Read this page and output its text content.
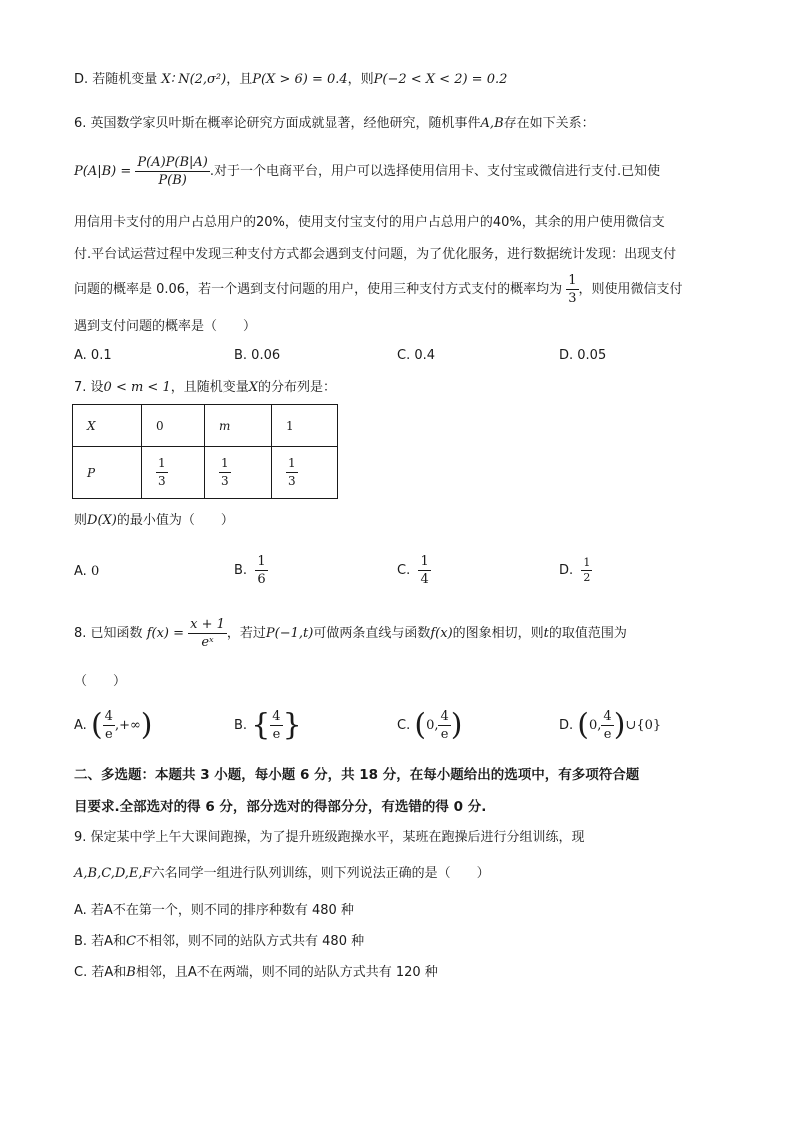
D. 若随机变量 X∶ N(2,σ²)，且P(X > 6) = 0.4，则P(−2 < X < 2) = 0.2
6. 英国数学家贝叶斯在概率论研究方面成就显著，经他研究，随机事件A,B存在如下关系：
$P(A|B) = \frac{P(A)P(B|A)}{P(B)}$ .对于一个电商平台，用户可以选择使用信用卡、支付宝或微信进行支付.已知使
用信用卡支付的用户占总用户的20%，使用支付宝支付的用户占总用户的40%，其余的用户使用微信支
付.平台试运营过程中发现三种支付方式都会遇到支付问题，为了优化服务，进行数据统计发现：出现支付
问题的概率是 0.06，若一个遇到支付问题的用户，使用三种支付方式支付的概率均为 $\frac{1}{3}$ ，则使用微信支付
遇到支付问题的概率是（　　）
A. 0.1	B. 0.06	C. 0.4	D. 0.05
7. 设0 < m < 1，且随机变量X的分布列是：
X	0	m	1
P	$\frac{1}{3}$	$\frac{1}{3}$	$\frac{1}{3}$
则D(X)的最小值为（　　）
A. 0	B. $\frac{1}{6}$	C. $\frac{1}{4}$	D. $\frac{1}{2}$
8. 已知函数 $f(x) = \frac{x + 1}{\text{eˣ}}$ ，若过P(−1,t)可做两条直线与函数f(x)的图象相切，则t的取值范围为
（　　）
A. ( $\frac{4}{e}$ ,+∞)	B. { $\frac{4}{e}$ }	C. (0, $\frac{4}{e}$ )	D. (0, $\frac{4}{e}$ )∪{0}
二、多选题：本题共 3 小题，每小题 6 分，共 18 分，在每小题给出的选项中，有多项符合题
目要求.全部选对的得 6 分，部分选对的得部分分，有选错的得 0 分.
9. 保定某中学上午大课间跑操，为了提升班级跑操水平，某班在跑操后进行分组训练，现
A,B,C,D,E,F六名同学一组进行队列训练，则下列说法正确的是（　　）
A. 若A不在第一个，则不同的排序种数有 480 种
B. 若A和C不相邻，则不同的站队方式共有 480 种
C. 若A和B相邻，且A不在两端，则不同的站队方式共有 120 种
